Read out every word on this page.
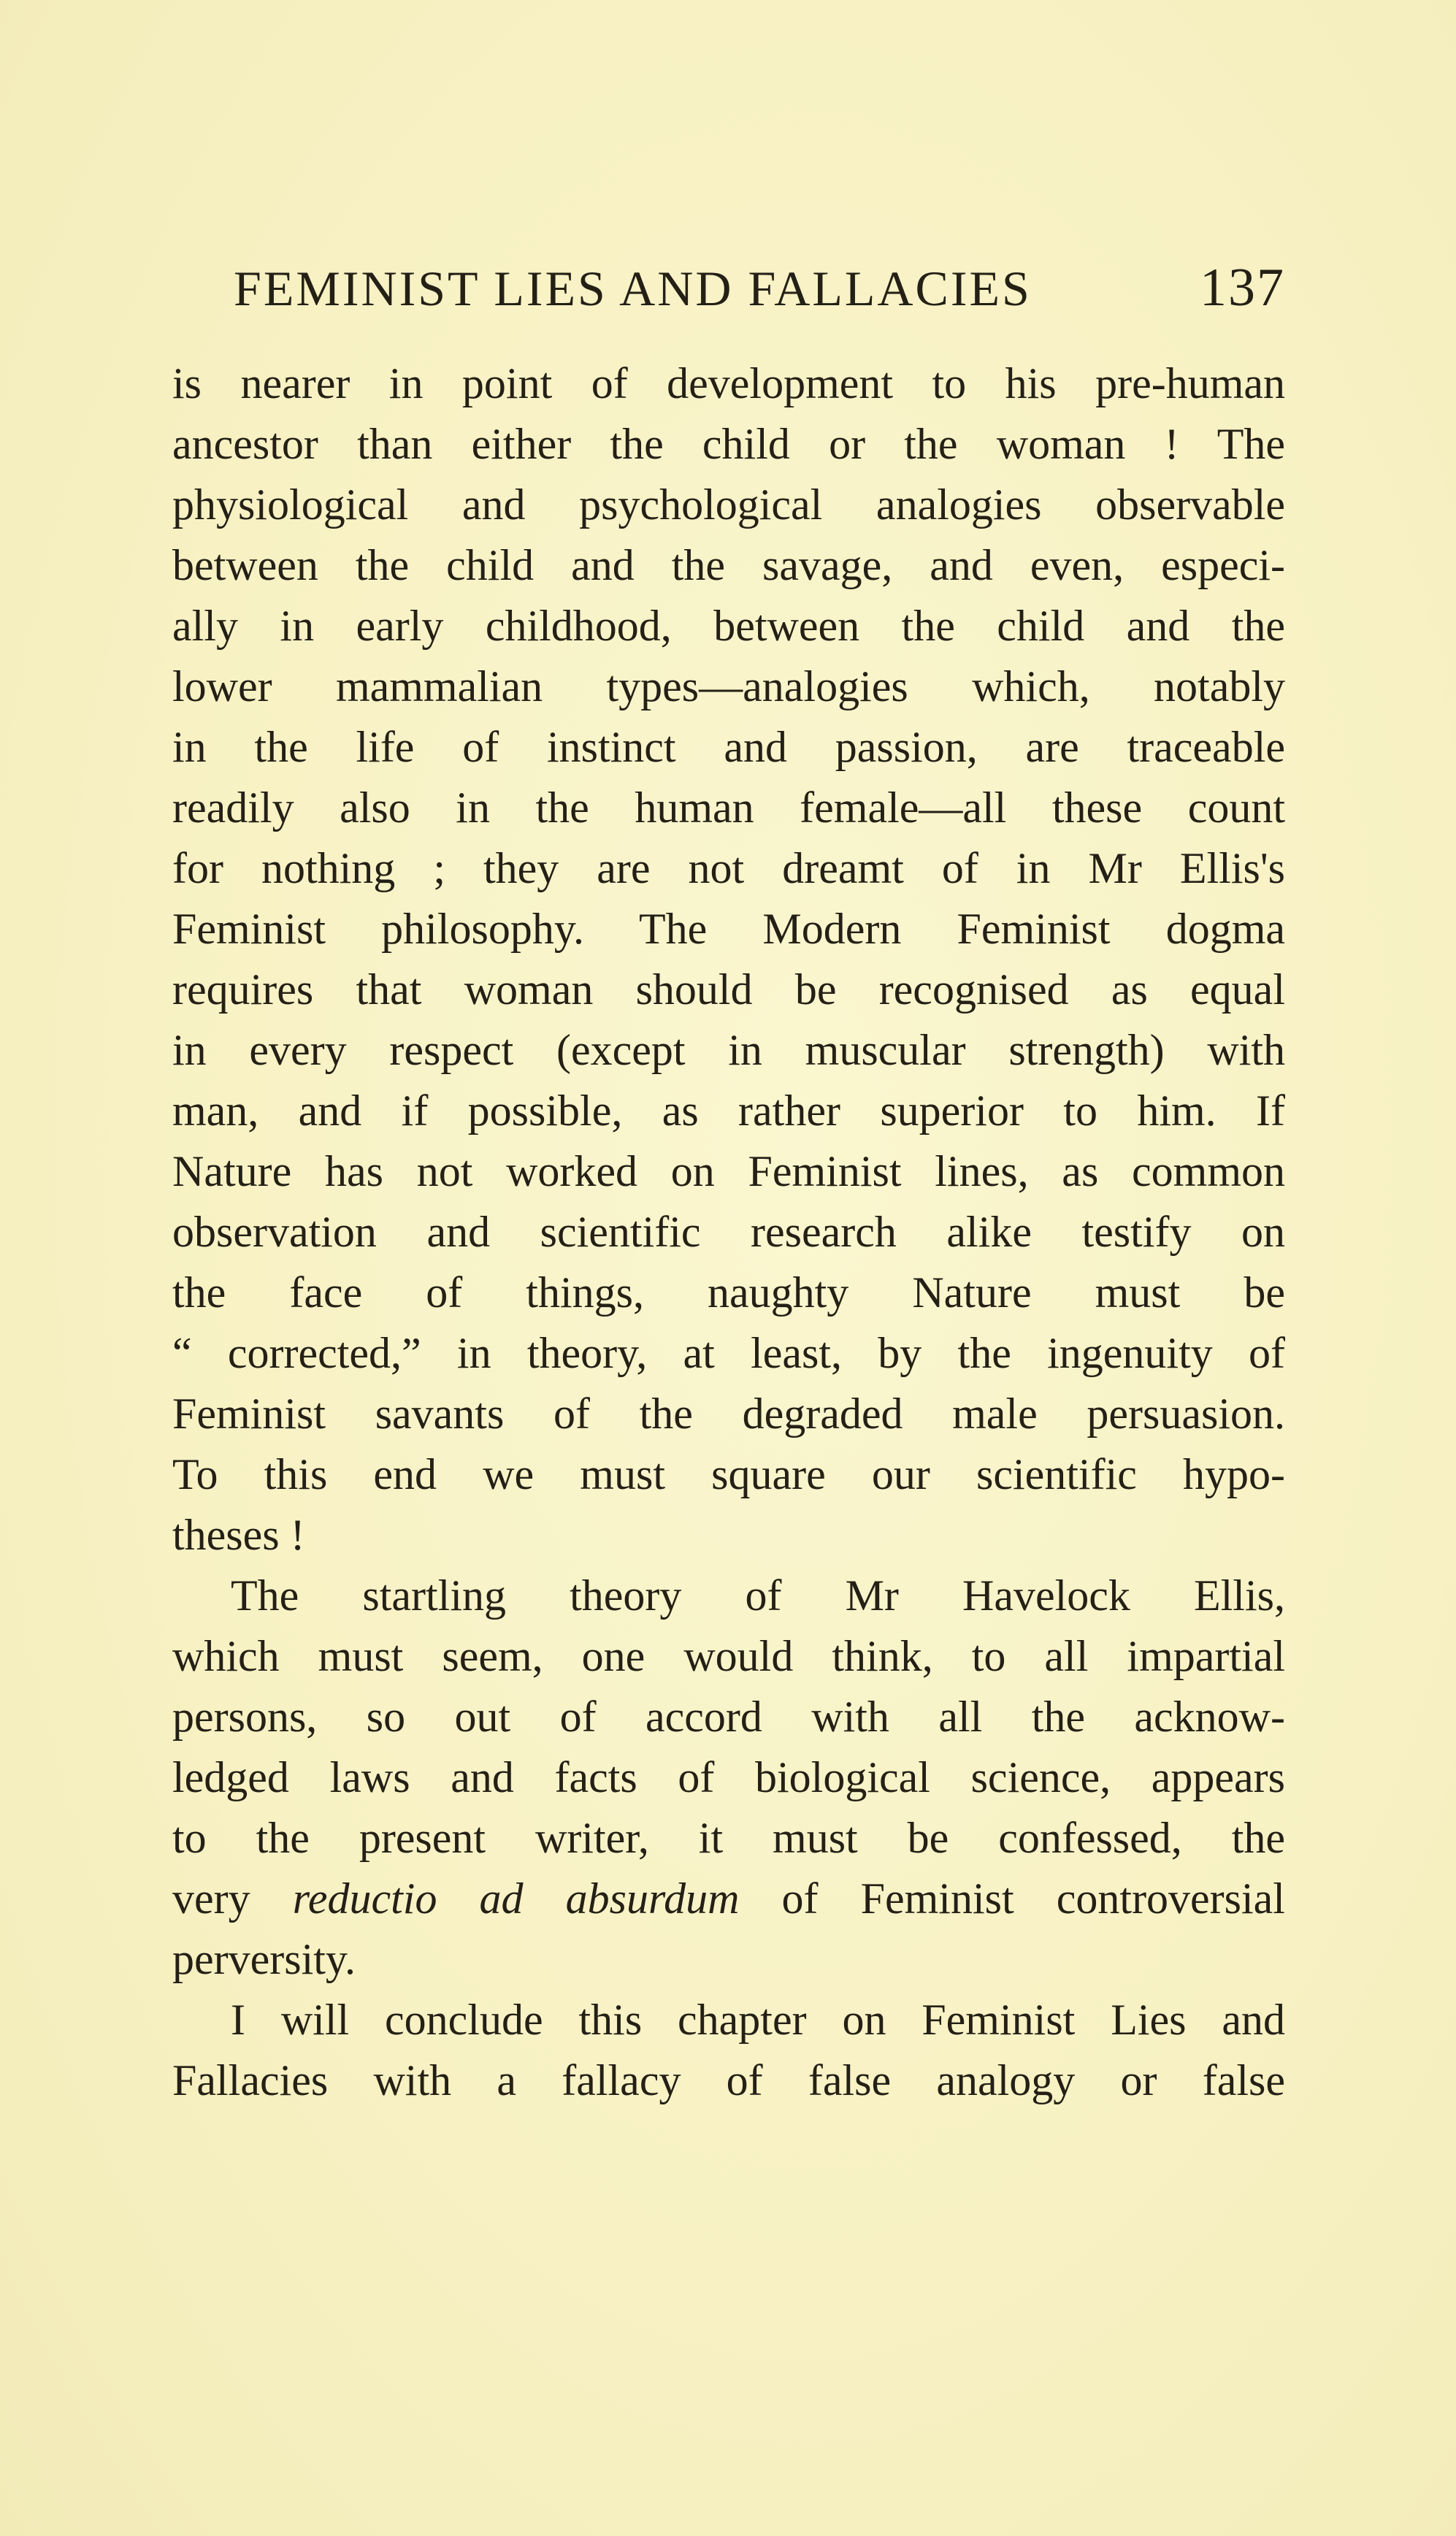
FEMINIST LIES AND FALLACIES	137
is nearer in point of development to his pre-human
ancestor than either the child or the woman ! The
physiological and psychological analogies observable
between the child and the savage, and even, especi-
ally in early childhood, between the child and the
lower mammalian types—analogies which, notably
in the life of instinct and passion, are traceable
readily also in the human female—all these count
for nothing ; they are not dreamt of in Mr Ellis's
Feminist philosophy. The Modern Feminist dogma
requires that woman should be recognised as equal
in every respect (except in muscular strength) with
man, and if possible, as rather superior to him. If
Nature has not worked on Feminist lines, as common
observation and scientific research alike testify on
the face of things, naughty Nature must be
“ corrected,” in theory, at least, by the ingenuity of
Feminist savants of the degraded male persuasion.
To this end we must square our scientific hypo-
theses !
The startling theory of Mr Havelock Ellis,
which must seem, one would think, to all impartial
persons, so out of accord with all the acknow-
ledged laws and facts of biological science, appears
to the present writer, it must be confessed, the
very reductio ad absurdum of Feminist controversial
perversity.
I will conclude this chapter on Feminist Lies and
Fallacies with a fallacy of false analogy or false
